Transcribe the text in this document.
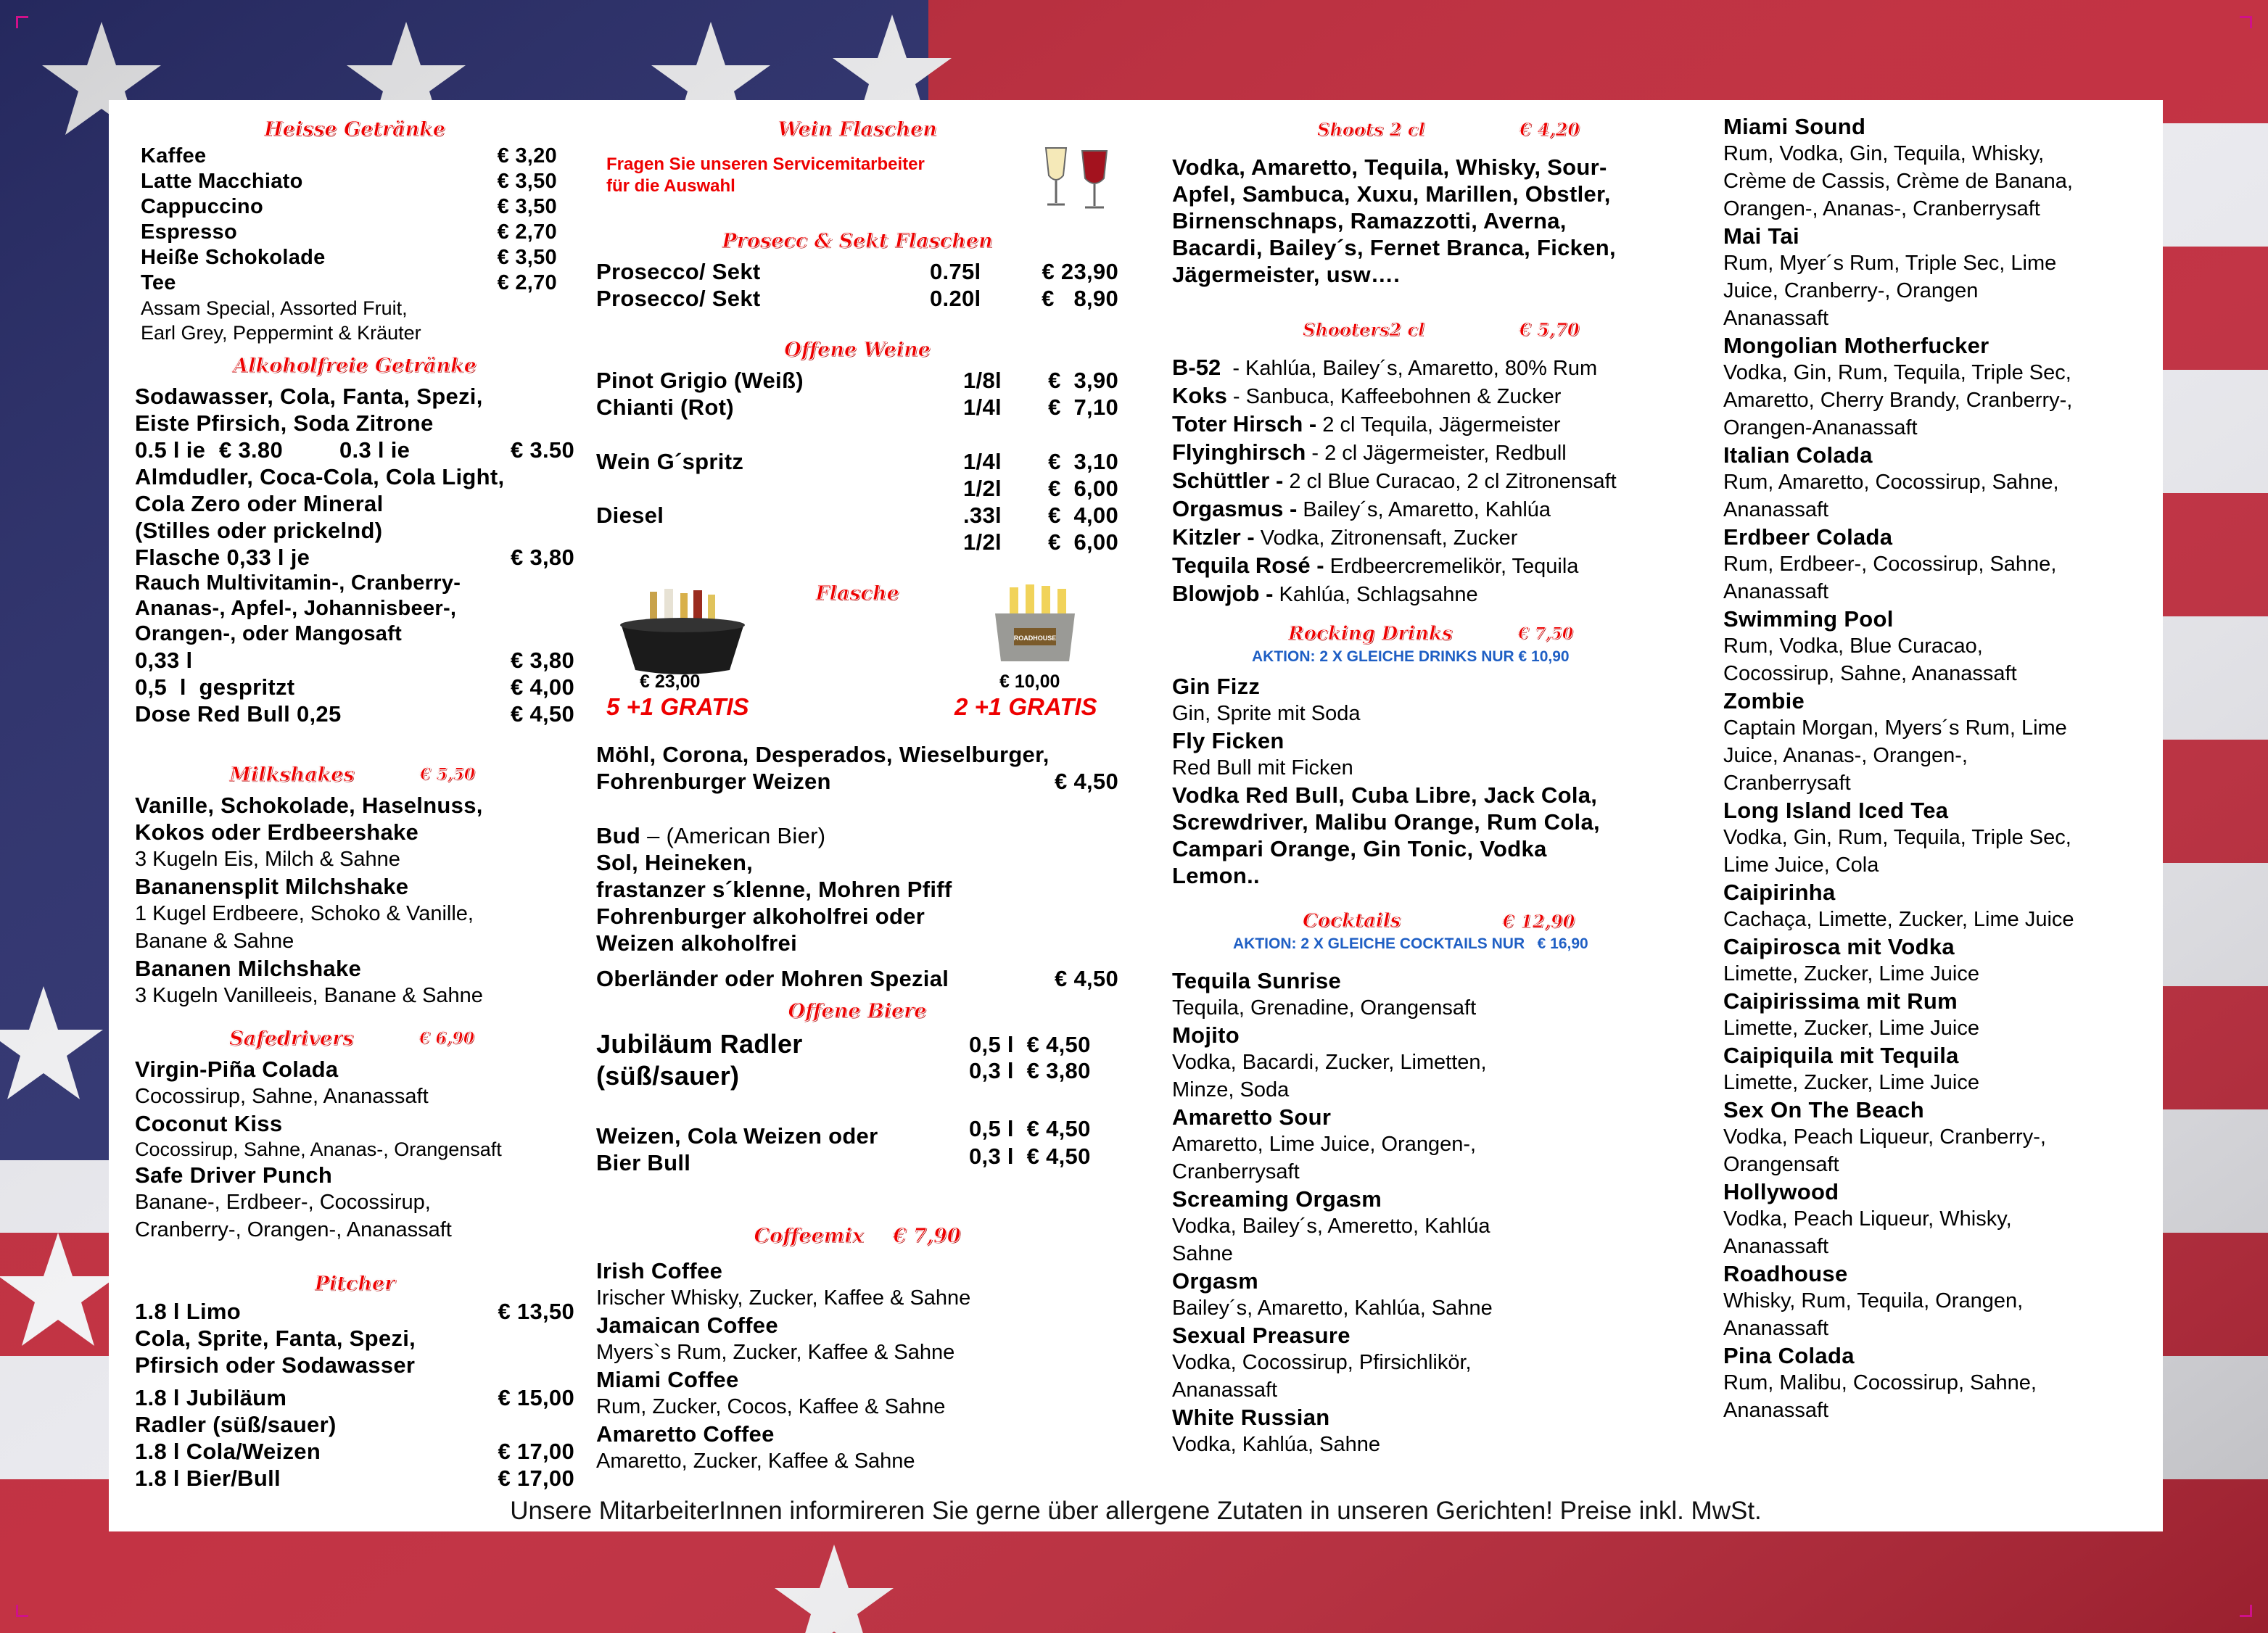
Heisse Getränke
Kaffee	€ 3,20
Latte Macchiato	€ 3,50
Cappuccino	€ 3,50
Espresso	€ 2,70
Heiße Schokolade	€ 3,50
Tee	€ 2,70
Assam Special, Assorted Fruit,
Earl Grey, Peppermint & Kräuter
Alkoholfreie Getränke
Sodawasser, Cola, Fanta, Spezi,
Eiste Pfirsich, Soda Zitrone
0.5 l ie € 3.80	0.3 l ie	€ 3.50
Almdudler, Coca-Cola, Cola Light,
Cola Zero oder Mineral
(Stilles oder prickelnd)
Flasche 0,33 l je	€ 3,80
Rauch Multivitamin-, Cranberry-
Ananas-, Apfel-, Johannisbeer-,
Orangen-, oder Mangosaft
0,33 l	€ 3,80
0,5  l  gespritzt	€ 4,00
Dose Red Bull 0,25	€ 4,50
Milkshakes	€ 5,50
Vanille, Schokolade, Haselnuss,
Kokos oder Erdbeershake
3 Kugeln Eis, Milch & Sahne
Bananensplit Milchshake
1 Kugel Erdbeere, Schoko & Vanille,
Banane & Sahne
Bananen Milchshake
3 Kugeln Vanilleeis, Banane & Sahne
Safedrivers	€ 6,90
Virgin-Piña Colada
Cocossirup, Sahne, Ananassaft
Coconut Kiss
Cocossirup, Sahne, Ananas-, Orangensaft
Safe Driver Punch
Banane-, Erdbeer-, Cocossirup,
Cranberry-, Orangen-, Ananassaft
Pitcher
1.8 l Limo	€ 13,50
Cola, Sprite, Fanta, Spezi,
Pfirsich oder Sodawasser
1.8 l Jubiläum	€ 15,00
Radler (süß/sauer)
1.8 l Cola/Weizen	€ 17,00
1.8 l Bier/Bull	€ 17,00
Wein Flaschen
Fragen Sie unseren Servicemitarbeiter
für die Auswahl
Prosecc & Sekt Flaschen
Prosecco/ Sekt	0.75l	€ 23,90
Prosecco/ Sekt	0.20l	€   8,90
Offene Weine
Pinot Grigio (Weiß)	1/8l	€  3,90
Chianti (Rot)	1/4l	€  7,10
Wein G´spritz	1/4l	€  3,10
1/2l	€  6,00
Diesel	.33l	€  4,00
1/2l	€  6,00
Flasche
ROADHOUSE
€ 23,00	€ 10,00
5 +1 GRATIS	2 +1 GRATIS
Möhl, Corona, Desperados, Wieselburger,
Fohrenburger Weizen	€ 4,50
Bud – (American Bier)
Sol, Heineken,
frastanzer s´klenne, Mohren Pfiff
Fohrenburger alkoholfrei oder
Weizen alkoholfrei
Oberländer oder Mohren Spezial	€ 4,50
Offene Biere
Jubiläum Radler
(süß/sauer)
0,5 l  € 4,50
0,3 l  € 3,80
Weizen, Cola Weizen oder
Bier Bull
0,5 l  € 4,50
0,3 l  € 4,50
Coffeemix € 7,90
Irish Coffee
Irischer Whisky, Zucker, Kaffee & Sahne
Jamaican Coffee
Myers`s Rum, Zucker, Kaffee & Sahne
Miami Coffee
Rum, Zucker, Cocos, Kaffee & Sahne
Amaretto Coffee
Amaretto, Zucker, Kaffee & Sahne
Shoots 2 cl	€ 4,20
Vodka, Amaretto, Tequila, Whisky, Sour-
Apfel, Sambuca, Xuxu, Marillen, Obstler,
Birnenschnaps, Ramazzotti, Averna,
Bacardi, Bailey´s, Fernet Branca, Ficken,
Jägermeister, usw….
Shooters2 cl	€ 5,70
B-52  - Kahlúa, Bailey´s, Amaretto, 80% Rum
Koks - Sanbuca, Kaffeebohnen & Zucker
Toter Hirsch - 2 cl Tequila, Jägermeister
Flyinghirsch - 2 cl Jägermeister, Redbull
Schüttler - 2 cl Blue Curacao, 2 cl Zitronensaft
Orgasmus - Bailey´s, Amaretto, Kahlúa
Kitzler - Vodka, Zitronensaft, Zucker
Tequila Rosé - Erdbeercremelikör, Tequila
Blowjob - Kahlúa, Schlagsahne
Rocking Drinks	€ 7,50
AKTION: 2 X GLEICHE DRINKS NUR € 10,90
Gin Fizz
Gin, Sprite mit Soda
Fly Ficken
Red Bull mit Ficken
Vodka Red Bull, Cuba Libre, Jack Cola,
Screwdriver, Malibu Orange, Rum Cola,
Campari Orange, Gin Tonic, Vodka
Lemon..
Cocktails	€ 12,90
AKTION: 2 X GLEICHE COCKTAILS NUR   € 16,90
Tequila Sunrise
Tequila, Grenadine, Orangensaft
Mojito
Vodka, Bacardi, Zucker, Limetten,
Minze, Soda
Amaretto Sour
Amaretto, Lime Juice, Orangen-,
Cranberrysaft
Screaming Orgasm
Vodka, Bailey´s, Ameretto, Kahlúa
Sahne
Orgasm
Bailey´s, Amaretto, Kahlúa, Sahne
Sexual Preasure
Vodka, Cocossirup, Pfirsichlikör,
Ananassaft
White Russian
Vodka, Kahlúa, Sahne
Miami Sound
Rum, Vodka, Gin, Tequila, Whisky,
Crème de Cassis, Crème de Banana,
Orangen-, Ananas-, Cranberrysaft
Mai Tai
Rum, Myer´s Rum, Triple Sec, Lime
Juice, Cranberry-, Orangen
Ananassaft
Mongolian Motherfucker
Vodka, Gin, Rum, Tequila, Triple Sec,
Amaretto, Cherry Brandy, Cranberry-,
Orangen-Ananassaft
Italian Colada
Rum, Amaretto, Cocossirup, Sahne,
Ananassaft
Erdbeer Colada
Rum, Erdbeer-, Cocossirup, Sahne,
Ananassaft
Swimming Pool
Rum, Vodka, Blue Curacao,
Cocossirup, Sahne, Ananassaft
Zombie
Captain Morgan, Myers´s Rum, Lime
Juice, Ananas-, Orangen-,
Cranberrysaft
Long Island Iced Tea
Vodka, Gin, Rum, Tequila, Triple Sec,
Lime Juice, Cola
Caipirinha
Cachaça, Limette, Zucker, Lime Juice
Caipirosca mit Vodka
Limette, Zucker, Lime Juice
Caipirissima mit Rum
Limette, Zucker, Lime Juice
Caipiquila mit Tequila
Limette, Zucker, Lime Juice
Sex On The Beach
Vodka, Peach Liqueur, Cranberry-,
Orangensaft
Hollywood
Vodka, Peach Liqueur, Whisky,
Ananassaft
Roadhouse
Whisky, Rum, Tequila, Orangen,
Ananassaft
Pina Colada
Rum, Malibu, Cocossirup, Sahne,
Ananassaft
Unsere MitarbeiterInnen informireren Sie gerne über allergene Zutaten in unseren Gerichten! Preise inkl. MwSt.
